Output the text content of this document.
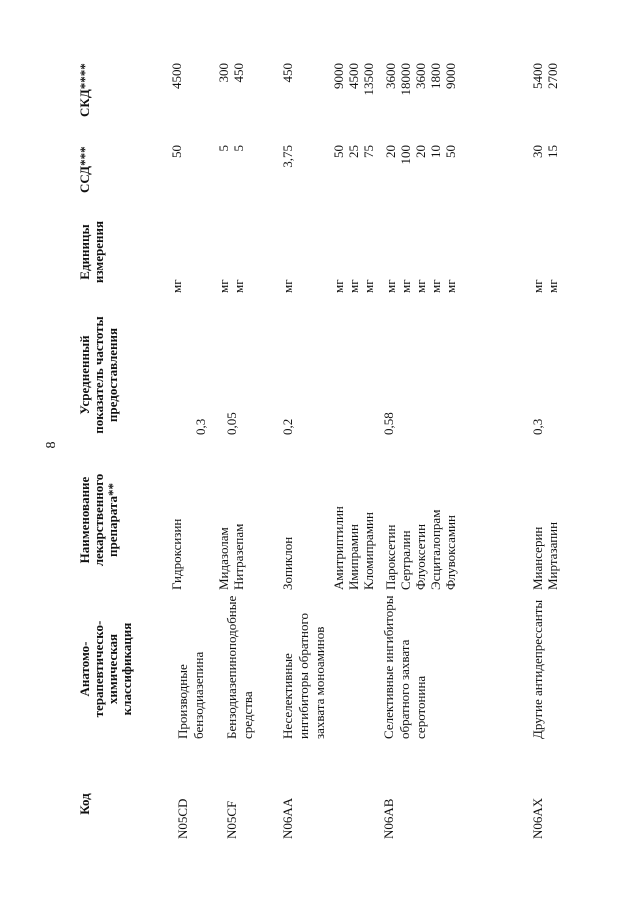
8
Код
Анатомо-терапевтическо-химическая классификация
Наименование лекарственного препарата**
Усредненный показатель частоты предоставления
Единицы измерения
ССД***
СКД****
N05CD
Производные бензодиазепина
0,3
Гидроксизин
мг
50
4500
N05CF
Бензодиазепиноподобные средства
0,05
Мидазолам
мг
5
300
Нитразепам
мг
5
450
N06AA
Неселективные ингибиторы обратного захвата моноаминов
0,2
Зопиклон
мг
3,75
450
Амитриптилин
мг
50
9000
Имипрамин
мг
25
4500
Кломипрамин
мг
75
13500
N06AB
Селективные ингибиторы обратного захвата серотонина
0,58
Пароксетин
мг
20
3600
Сертралин
мг
100
18000
Флуоксетин
мг
20
3600
Эсциталопрам
мг
10
1800
Флувоксамин
мг
50
9000
N06AX
Другие антидепрессанты
0,3
Миансерин
мг
30
5400
Миртазапин
мг
15
2700
